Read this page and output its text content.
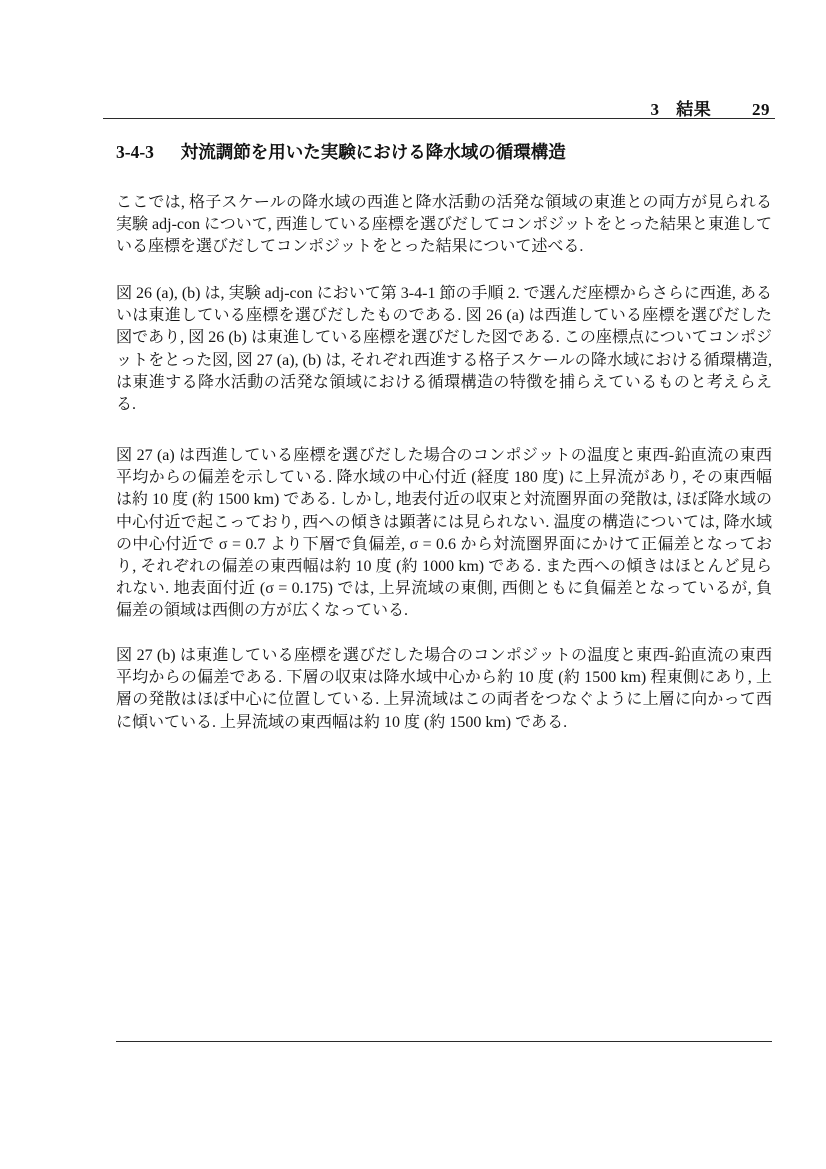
3 結果 29
3-4-3 対流調節を用いた実験における降水域の循環構造

ここでは, 格子スケールの降水域の西進と降水活動の活発な領域の東進との両方が見られる実験 adj-con について, 西進している座標を選びだしてコンポジットをとった結果と東進している座標を選びだしてコンポジットをとった結果について述べる.

図 26 (a), (b) は, 実験 adj-con において第 3-4-1 節の手順 2. で選んだ座標からさらに西進, あるいは東進している座標を選びだしたものである. 図 26 (a) は西進している座標を選びだした図であり, 図 26 (b) は東進している座標を選びだした図である. この座標点についてコンポジットをとった図, 図 27 (a), (b) は, それぞれ西進する格子スケールの降水域における循環構造, は東進する降水活動の活発な領域における循環構造の特徴を捕らえているものと考えらえる.

図 27 (a) は西進している座標を選びだした場合のコンポジットの温度と東西-鉛直流の東西平均からの偏差を示している. 降水域の中心付近 (経度 180 度) に上昇流があり, その東西幅は約 10 度 (約 1500 km) である. しかし, 地表付近の収束と対流圏界面の発散は, ほぼ降水域の中心付近で起こっており, 西への傾きは顕著には見られない. 温度の構造については, 降水域の中心付近で σ = 0.7 より下層で負偏差, σ = 0.6 から対流圏界面にかけて正偏差となっており, それぞれの偏差の東西幅は約 10 度 (約 1000 km) である. また西への傾きはほとんど見られない. 地表面付近 (σ = 0.175) では, 上昇流域の東側, 西側ともに負偏差となっているが, 負偏差の領域は西側の方が広くなっている.

図 27 (b) は東進している座標を選びだした場合のコンポジットの温度と東西-鉛直流の東西平均からの偏差である. 下層の収束は降水域中心から約 10 度 (約 1500 km) 程東側にあり, 上層の発散はほぼ中心に位置している. 上昇流域はこの両者をつなぐように上層に向かって西に傾いている. 上昇流域の東西幅は約 10 度 (約 1500 km) である.
